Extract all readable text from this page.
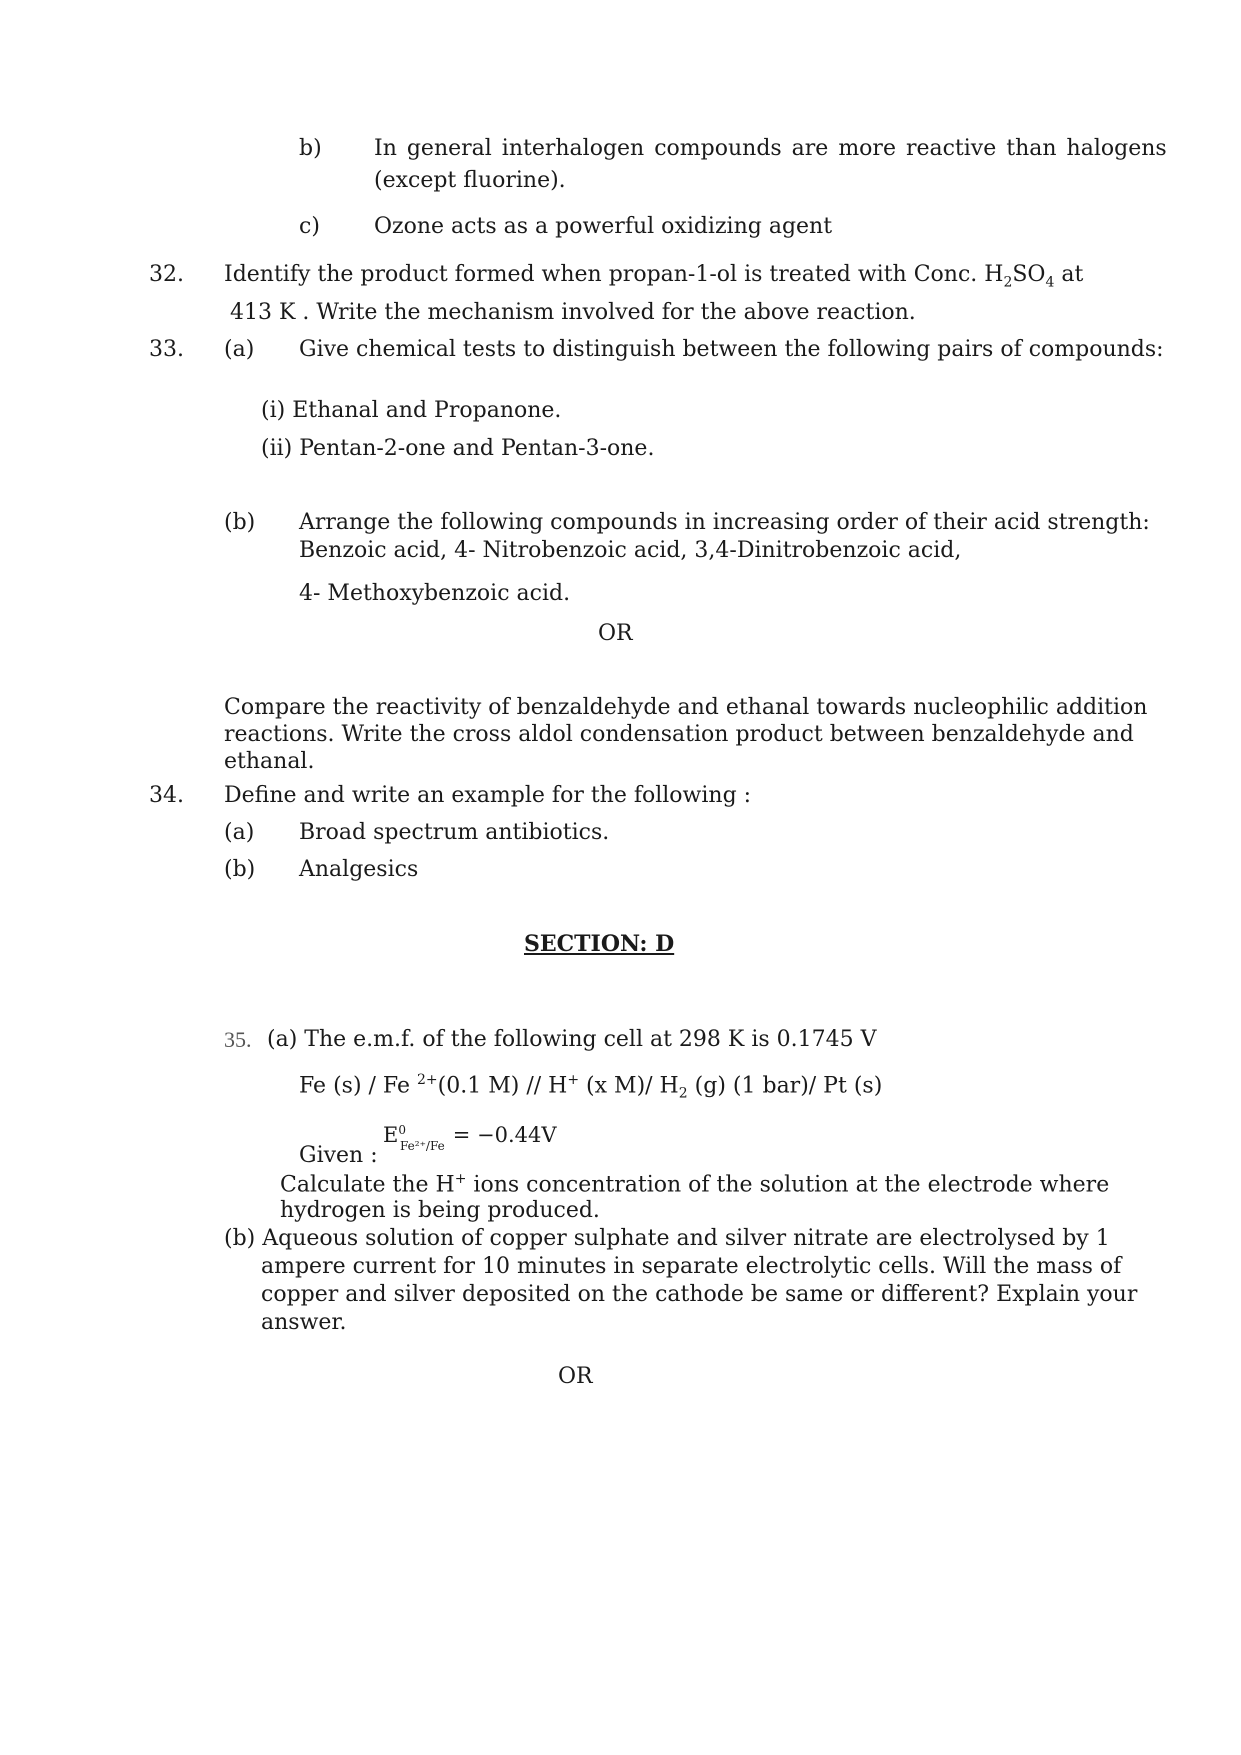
b) In general interhalogen compounds are more reactive than halogens
(except fluorine).
c) Ozone acts as a powerful oxidizing agent
32. Identify the product formed when propan-1-ol is treated with Conc. $H_2SO_4$ at
413 K . Write the mechanism involved for the above reaction.
33. (a) Give chemical tests to distinguish between the following pairs of compounds:
(i) Ethanal and Propanone.
(ii) Pentan-2-one and Pentan-3-one.
(b) Arrange the following compounds in increasing order of their acid strength:
Benzoic acid, 4- Nitrobenzoic acid, 3,4-Dinitrobenzoic acid,
4- Methoxybenzoic acid.
OR
Compare the reactivity of benzaldehyde and ethanal towards nucleophilic addition
reactions. Write the cross aldol condensation product between benzaldehyde and
ethanal.
34. Define and write an example for the following :
(a) Broad spectrum antibiotics.
(b) Analgesics
SECTION: D
35. (a) The e.m.f. of the following cell at 298 K is 0.1745 V
Fe (s) / Fe $^{2+}$(0.1 M) // H+ (x M)/ $H_2$ (g) (1 bar)/ Pt (s)
Given :
$E^0_{Fe^{2+}/Fe} = -0.44V$
Calculate the H+ ions concentration of the solution at the electrode where
hydrogen is being produced.
(b) Aqueous solution of copper sulphate and silver nitrate are electrolysed by 1
ampere current for 10 minutes in separate electrolytic cells. Will the mass of
copper and silver deposited on the cathode be same or different? Explain your
answer.
OR
